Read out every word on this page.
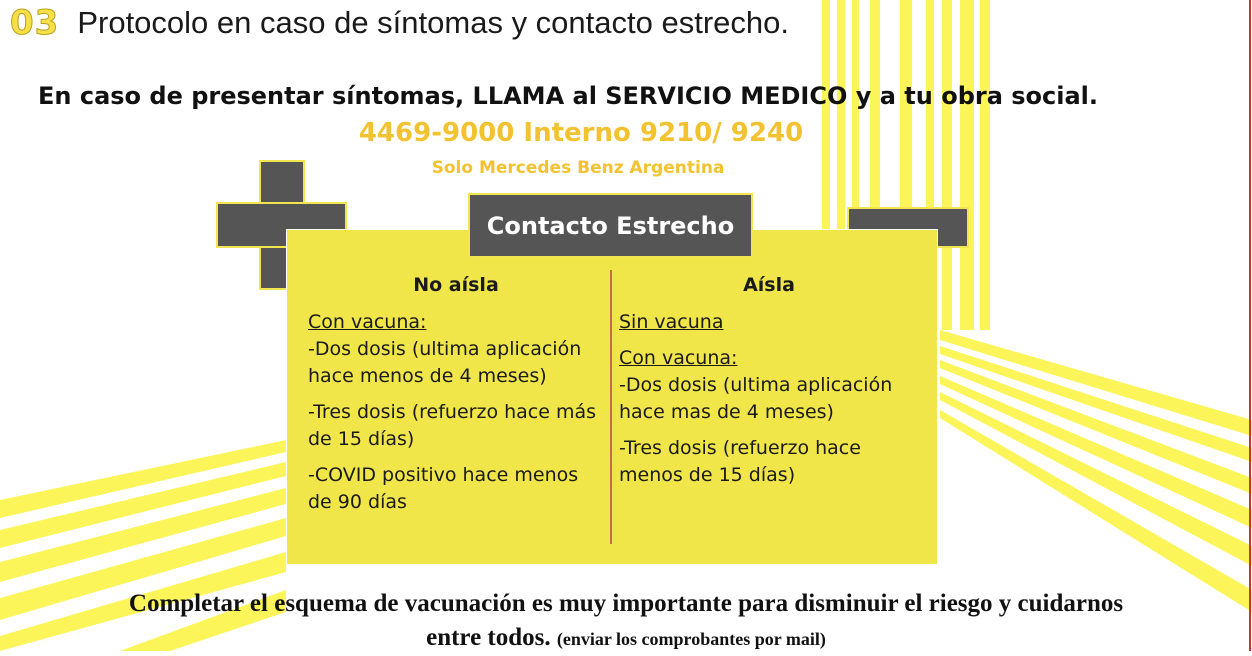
03 Protocolo en caso de síntomas y contacto estrecho.
En caso de presentar síntomas, LLAMA al SERVICIO MEDICO y a tu obra social.
4469-9000 Interno 9210/ 9240
Solo Mercedes Benz Argentina
Contacto Estrecho
No aísla
Con vacuna:
-Dos dosis (ultima aplicación hace menos de 4 meses)
-Tres dosis (refuerzo hace más de 15 días)
-COVID positivo hace menos de 90 días
Aísla
Sin vacuna
Con vacuna:
-Dos dosis (ultima aplicación hace mas de 4 meses)
-Tres dosis (refuerzo hace menos de 15 días)
Completar el esquema de vacunación es muy importante para disminuir el riesgo y cuidarnos
entre todos. (enviar los comprobantes por mail)
